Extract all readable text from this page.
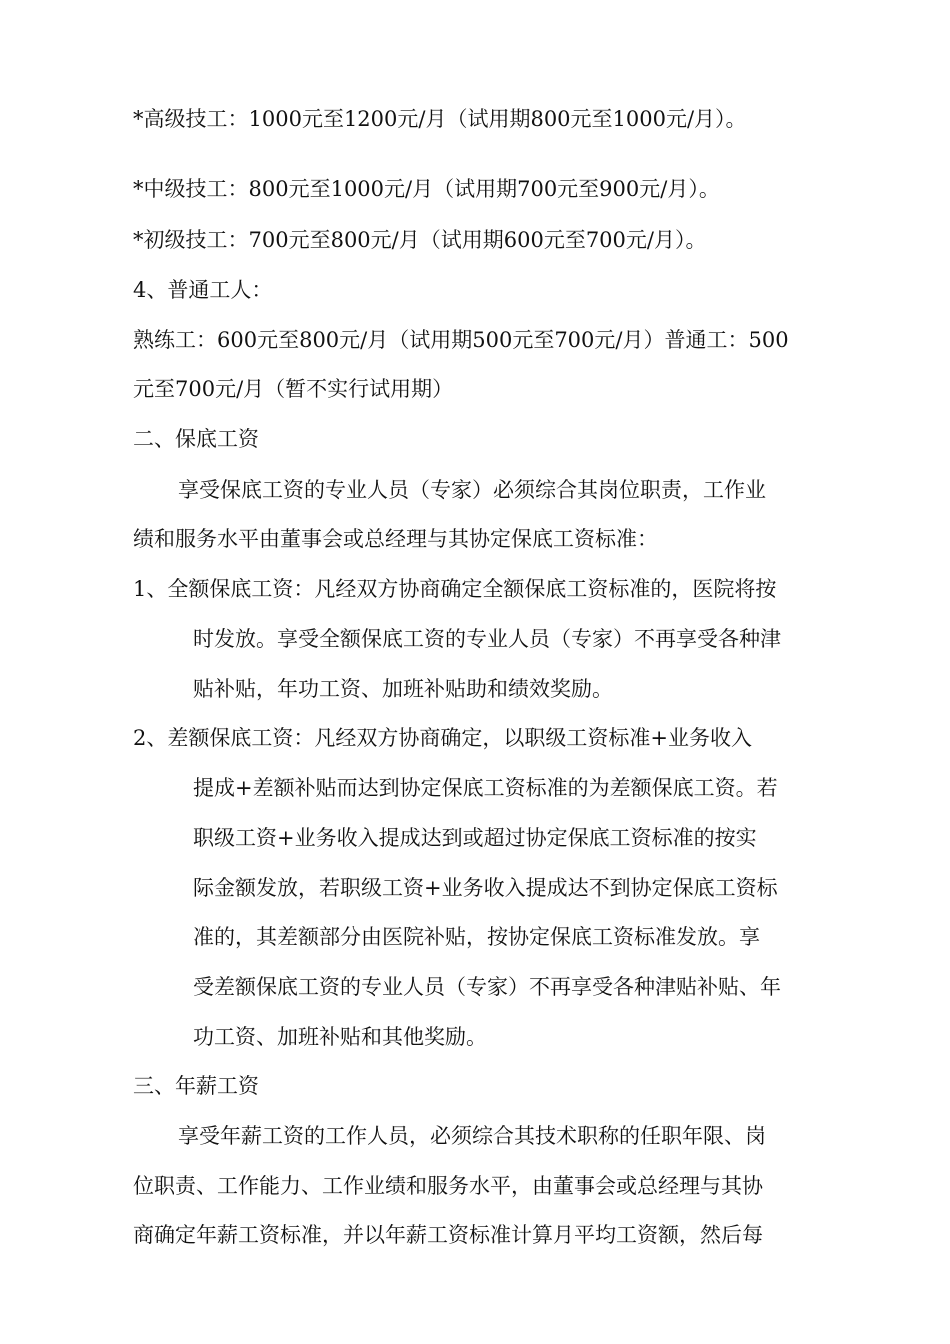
*高级技工：1000元至1200元/月（试用期800元至1000元/月）。
*中级技工：800元至1000元/月（试用期700元至900元/月）。
*初级技工：700元至800元/月（试用期600元至700元/月）。
4、普通工人：
熟练工：600元至800元/月（试用期500元至700元/月）普通工：500
元至700元/月（暂不实行试用期）
二、保底工资
享受保底工资的专业人员（专家）必须综合其岗位职责，工作业
绩和服务水平由董事会或总经理与其协定保底工资标准：
1、全额保底工资：凡经双方协商确定全额保底工资标准的，医院将按
时发放。享受全额保底工资的专业人员（专家）不再享受各种津
贴补贴，年功工资、加班补贴助和绩效奖励。
2、差额保底工资：凡经双方协商确定，以职级工资标准+业务收入
提成+差额补贴而达到协定保底工资标准的为差额保底工资。若
职级工资+业务收入提成达到或超过协定保底工资标准的按实
际金额发放，若职级工资+业务收入提成达不到协定保底工资标
准的，其差额部分由医院补贴，按协定保底工资标准发放。享
受差额保底工资的专业人员（专家）不再享受各种津贴补贴、年
功工资、加班补贴和其他奖励。
三、年薪工资
享受年薪工资的工作人员，必须综合其技术职称的任职年限、岗
位职责、工作能力、工作业绩和服务水平，由董事会或总经理与其协
商确定年薪工资标准，并以年薪工资标准计算月平均工资额，然后每
